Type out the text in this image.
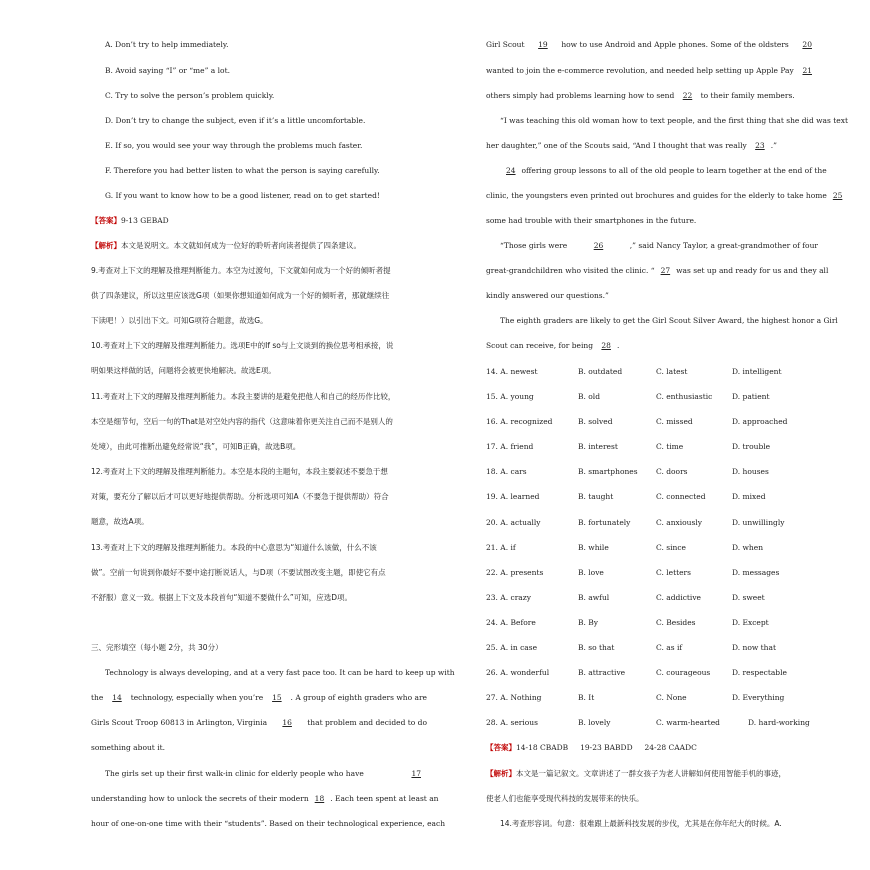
A. Don’t try to help immediately.
B. Avoid saying “I” or “me” a lot.
C. Try to solve the person’s problem quickly.
D. Don’t try to change the subject, even if it’s a little uncomfortable.
E. If so, you would see your way through the problems much faster.
F. Therefore you had better listen to what the person is saying carefully.
G. If you want to know how to be a good listener, read on to get started!
【答案】9-13 GEBAD
【解析】本文是说明文。本文就如何成为一位好的聆听者向读者提供了四条建议。
9.考查对上下文的理解及推理判断能力。本空为过渡句，下文就如何成为一个好的倾听者提
供了四条建议，所以这里应该选G项（如果你想知道如何成为一个好的倾听者，那就继续往
下读吧！）以引出下文。可知G项符合题意，故选G。
10.考查对上下文的理解及推理判断能力。选项E中的If so与上文谈到的换位思考相承接，说
明如果这样做的话，问题将会被更快地解决。故选E项。
11.考查对上下文的理解及推理判断能力。本段主要讲的是避免把他人和自己的经历作比较，
本空是细节句，空后一句的That是对空处内容的指代（这意味着你更关注自己而不是别人的
处境），由此可推断出避免经常说“我”，可知B正确，故选B项。
12.考查对上下文的理解及推理判断能力。本空是本段的主题句，本段主要叙述不要急于想
对策，要充分了解以后才可以更好地提供帮助。分析选项可知A（不要急于提供帮助）符合
题意，故选A项。
13.考查对上下文的理解及推理判断能力。本段的中心意思为“知道什么该做，什么不该
做”。空前一句说到你最好不要中途打断说话人，与D项（不要试图改变主题，即使它有点
不舒服）意义一致。根据上下文及本段首句“知道不要做什么”可知，应选D项。
三、完形填空（每小题 2分，共 30分）
Technology is always developing, and at a very fast pace too. It can be hard to keep up with
the	14	technology, especially when you’re	15	. A group of eighth graders who are
Girls Scout Troop 60813 in Arlington, Virginia	16	that problem and decided to do
something about it.
The girls set up their first walk-in clinic for elderly people who have	17
understanding how to unlock the secrets of their modern 18 . Each teen spent at least an
hour of one-on-one time with their “students”. Based on their technological experience, each
Girl Scout	19	how to use Android and Apple phones. Some of the oldsters	20
wanted to join the e-commerce revolution, and needed help setting up Apple Pay	21
others simply had problems learning how to send 22 to their family members.
“I was teaching this old woman how to text people, and the first thing that she did was text
her daughter,” one of the Scouts said, “And I thought that was really 23 .”
24 offering group lessons to all of the old people to learn together at the end of the
clinic, the youngsters even printed out brochures and guides for the elderly to take home 25
some had trouble with their smartphones in the future.
“Those girls were	26	,” said Nancy Taylor, a great-grandmother of four
great-grandchildren who visited the clinic. “ 27 was set up and ready for us and they all
kindly answered our questions.”
The eighth graders are likely to get the Girl Scout Silver Award, the highest honor a Girl
Scout can receive, for being 28 .
14. A. newest	B. outdated	C. latest	D. intelligent
15. A. young	B. old	C. enthusiastic	D. patient
16. A. recognized	B. solved	C. missed	D. approached
17. A. friend	B. interest	C. time	D. trouble
18. A. cars	B. smartphones C. doors	D. houses
19. A. learned	B. taught	C. connected	D. mixed
20. A. actually	B. fortunately	C. anxiously	D. unwillingly
21. A. if	B. while	C. since	D. when
22. A. presents	B. love	C. letters	D. messages
23. A. crazy	B. awful	C. addictive	D. sweet
24. A. Before	B. By	C. Besides	D. Except
25. A. in case	B. so that	C. as if	D. now that
26. A. wonderful	B. attractive	C. courageous	D. respectable
27. A. Nothing	B. It	C. None	D. Everything
28. A. serious	B. lovely	C. warm-hearted	D. hard-working
【答案】14-18 CBADB     19-23 BABDD     24-28 CAADC
【解析】本文是一篇记叙文。文章讲述了一群女孩子为老人讲解如何使用智能手机的事迹，
使老人们也能享受现代科技的发展带来的快乐。
14.考查形容词。句意：很难跟上最新科技发展的步伐，尤其是在你年纪大的时候。A.
